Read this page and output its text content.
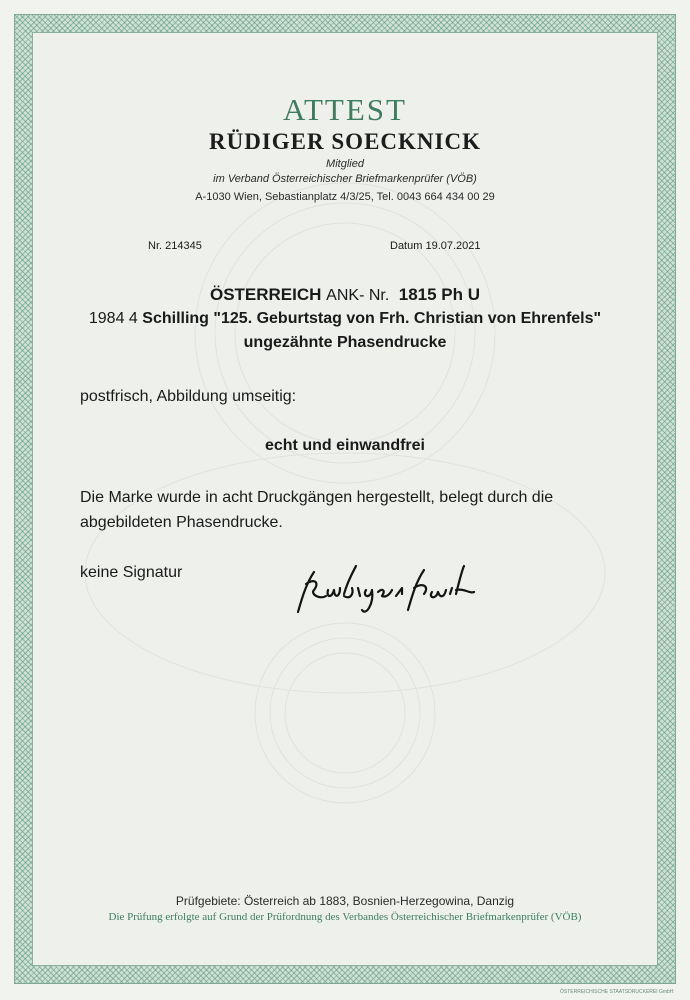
ATTEST
RÜDIGER SOECKNICK
Mitglied
im Verband Österreichischer Briefmarkenprüfer (VÖB)
A-1030 Wien, Sebastianplatz 4/3/25, Tel. 0043 664 434 00 29
Nr. 214345	Datum 19.07.2021
ÖSTERREICH ANK- Nr. 1815 Ph U
1984 4 Schilling "125. Geburtstag von Frh. Christian von Ehrenfels"
ungezähnte Phasendrucke
postfrisch, Abbildung umseitig:
echt und einwandfrei
Die Marke wurde in acht Druckgängen hergestellt, belegt durch die
abgebildeten Phasendrucke.
keine Signatur
Prüfgebiete: Österreich ab 1883, Bosnien-Herzegowina, Danzig
Die Prüfung erfolgte auf Grund der Prüfordnung des Verbandes Österreichischer Briefmarkenprüfer (VÖB)
ÖSTERREICHISCHE STAATSDRUCKEREI GmbH
